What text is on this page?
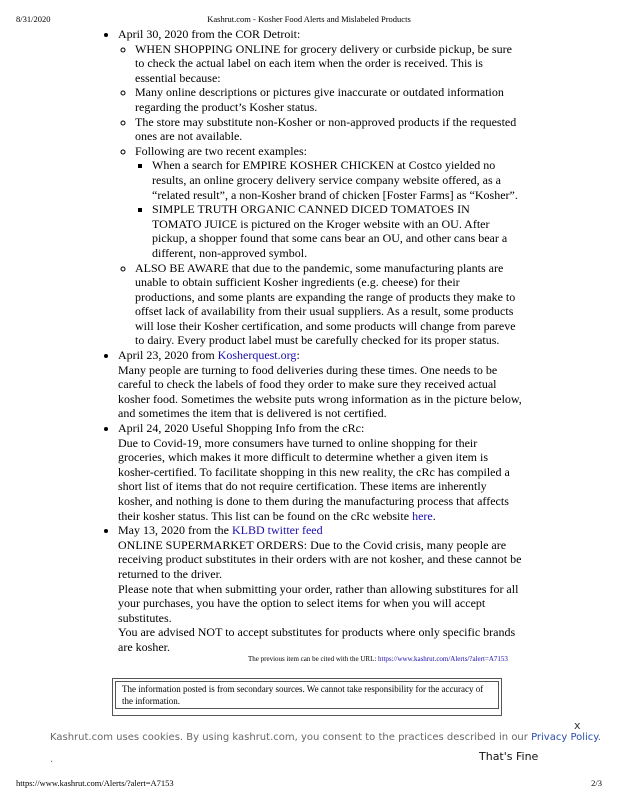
8/31/2020	Kashrut.com - Kosher Food Alerts and Mislabeled Products
• April 30, 2020 from the COR Detroit:
◦ WHEN SHOPPING ONLINE for grocery delivery or curbside pickup, be sure to check the actual label on each item when the order is received. This is essential because:
◦ Many online descriptions or pictures give inaccurate or outdated information regarding the product’s Kosher status.
◦ The store may substitute non-Kosher or non-approved products if the requested ones are not available.
◦ Following are two recent examples:
▪ When a search for EMPIRE KOSHER CHICKEN at Costco yielded no results, an online grocery delivery service company website offered, as a “related result”, a non-Kosher brand of chicken [Foster Farms] as “Kosher”.
▪ SIMPLE TRUTH ORGANIC CANNED DICED TOMATOES IN TOMATO JUICE is pictured on the Kroger website with an OU. After pickup, a shopper found that some cans bear an OU, and other cans bear a different, non-approved symbol.
◦ ALSO BE AWARE that due to the pandemic, some manufacturing plants are unable to obtain sufficient Kosher ingredients (e.g. cheese) for their productions, and some plants are expanding the range of products they make to offset lack of availability from their usual suppliers. As a result, some products will lose their Kosher certification, and some products will change from pareve to dairy. Every product label must be carefully checked for its proper status.
• April 23, 2020 from Kosherquest.org:
Many people are turning to food deliveries during these times. One needs to be careful to check the labels of food they order to make sure they received actual kosher food. Sometimes the website puts wrong information as in the picture below, and sometimes the item that is delivered is not certified.
• April 24, 2020 Useful Shopping Info from the cRc:
Due to Covid-19, more consumers have turned to online shopping for their groceries, which makes it more difficult to determine whether a given item is kosher-certified. To facilitate shopping in this new reality, the cRc has compiled a short list of items that do not require certification. These items are inherently kosher, and nothing is done to them during the manufacturing process that affects their kosher status. This list can be found on the cRc website here.
• May 13, 2020 from the KLBD twitter feed
ONLINE SUPERMARKET ORDERS: Due to the Covid crisis, many people are receiving product substitutes in their orders with are not kosher, and these cannot be returned to the driver.
Please note that when submitting your order, rather than allowing substitures for all your purchases, you have the option to select items for when you will accept substitutes.
You are advised NOT to accept substitutes for products where only specific brands are kosher.
The previous item can be cited with the URL: https://www.kashrut.com/Alerts/?alert=A7153
The information posted is from secondary sources. We cannot take responsibility for the accuracy of the information.
x
Kashrut.com uses cookies. By using kashrut.com, you consent to the practices described in our Privacy Policy.
.	That's Fine
https://www.kashrut.com/Alerts/?alert=A7153	2/3
